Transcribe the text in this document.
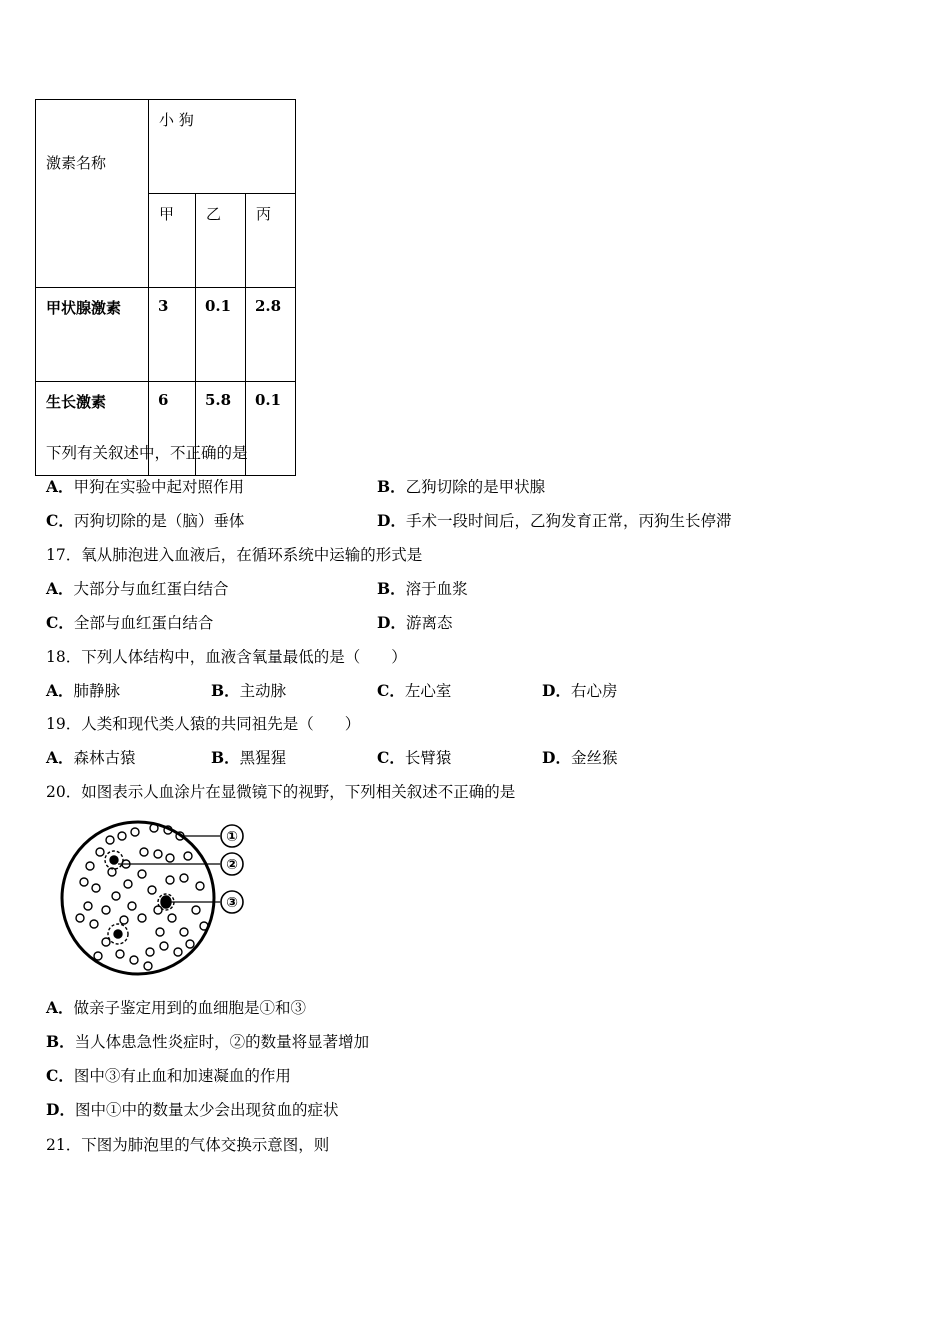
激素名称	小 狗		

	甲	乙	丙

甲状腺激素	3	0.1	2.8

生长激素	6	5.8	0.1
下列有关叙述中，不正确的是
A．甲狗在实验中起对照作用	B．乙狗切除的是甲状腺
C．丙狗切除的是（脑）垂体	D．手术一段时间后，乙狗发育正常，丙狗生长停滞
17．氧从肺泡进入血液后，在循环系统中运输的形式是
A．大部分与血红蛋白结合	B．溶于血浆
C．全部与血红蛋白结合	D．游离态
18．下列人体结构中，血液含氧量最低的是（　　）
A．肺静脉	B．主动脉	C．左心室	D．右心房
19．人类和现代类人猿的共同祖先是（　　）
A．森林古猿	B．黑猩猩	C．长臂猿	D．金丝猴
20．如图表示人血涂片在显微镜下的视野，下列相关叙述不正确的是
①
②
③
A．做亲子鉴定用到的血细胞是①和③
B．当人体患急性炎症时，②的数量将显著增加
C．图中③有止血和加速凝血的作用
D．图中①中的数量太少会出现贫血的症状
21．下图为肺泡里的气体交换示意图，则
